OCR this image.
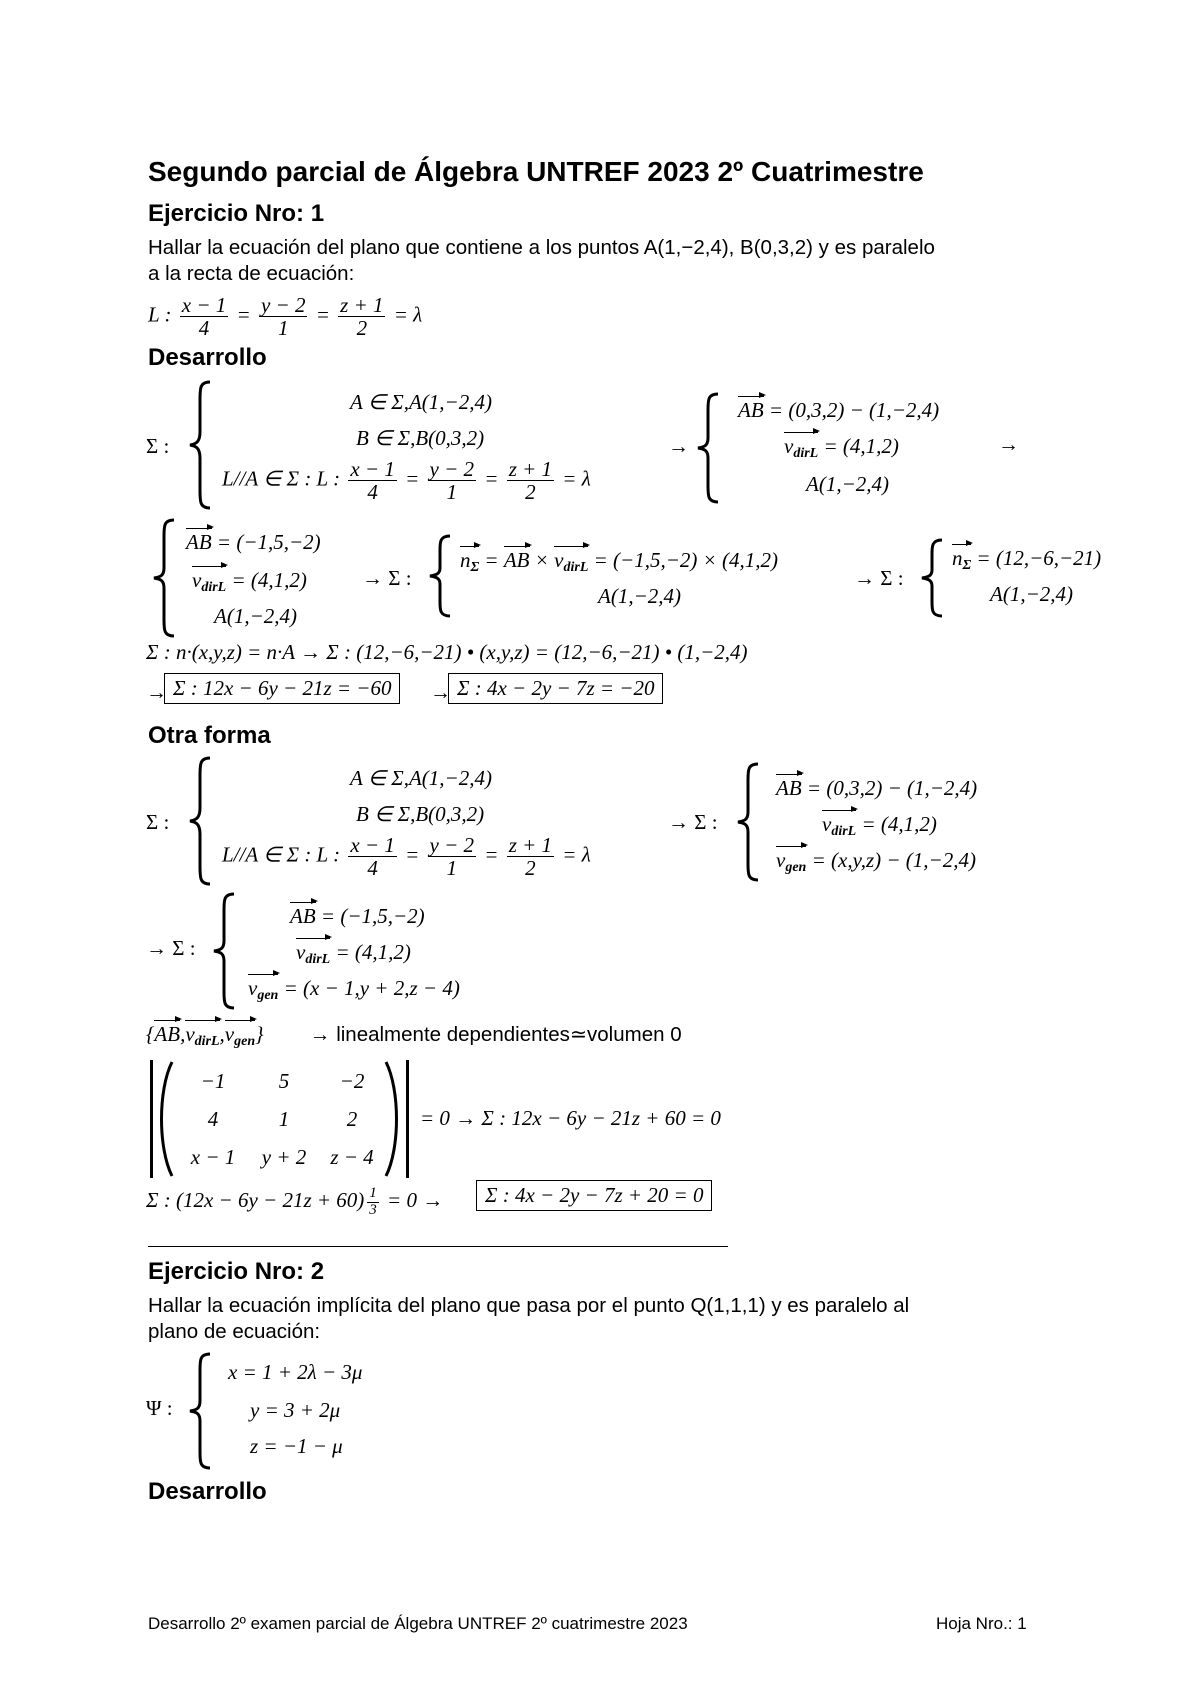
Segundo parcial de Álgebra UNTREF 2023 2º Cuatrimestre
Ejercicio Nro: 1
Hallar la ecuación del plano que contiene a los puntos A(1,−2,4), B(0,3,2) y es paralelo
a la recta de ecuación:
L : $\frac{x - 1}{4} = \frac{y - 2}{1} = \frac{z + 1}{2} = \lambda$
Desarrollo
Σ :
A ∈ Σ,A(1,−2,4)
B ∈ Σ,B(0,3,2)
L//A ∈ Σ : L : $\frac{x - 1}{4} = \frac{y - 2}{1} = \frac{z + 1}{2} = \lambda$
→
AB = (0,3,2) − (1,−2,4)
$v_{dirL} = (4,1,2)$
A(1,−2,4)
→
AB = (−1,5,−2)
$v_{dirL} = (4,1,2)$
A(1,−2,4)
→ Σ :
$n_\Sigma$ = AB × $v_{dirL} = (-1,5,-2) \times (4,1,2)$
A(1,−2,4)
→ Σ :
$n_\Sigma = (12,-6,-21)$
A(1,−2,4)
Σ : n·(x,y,z) = n·A → Σ : (12,−6,−21) • (x,y,z) = (12,−6,−21) • (1,−2,4)
→ Σ : 12x − 6y − 21z = −60	→ Σ : 4x − 2y − 7z = −20
Otra forma
Σ :
A ∈ Σ,A(1,−2,4)
B ∈ Σ,B(0,3,2)
L//A ∈ Σ : L : $\frac{x - 1}{4} = \frac{y - 2}{1} = \frac{z + 1}{2} = \lambda$
→ Σ :
AB = (0,3,2) − (1,−2,4)
$v_{dirL} = (4,1,2)$
$v_{gen} = (x,y,z) - (1,-2,4)$
→ Σ :
AB = (−1,5,−2)
$v_{dirL} = (4,1,2)$
$v_{gen} = (x - 1,y + 2,z - 4)$
$\{AB,v_{dirL},v_{gen}\}$ → linealmente dependientes≃volumen 0
−1	5	−2
4	1	2
x − 1	y + 2	z − 4
= 0 → Σ : 12x − 6y − 21z + 60 = 0
Σ : $(12x - 6y - 21z + 60) \frac{1}{3} = 0$ →	Σ : 4x − 2y − 7z + 20 = 0
Ejercicio Nro: 2
Hallar la ecuación implícita del plano que pasa por el punto Q(1,1,1) y es paralelo al
plano de ecuación:
Ψ :
x = 1 + 2λ − 3μ
y = 3 + 2μ
z = −1 − μ
Desarrollo
Desarrollo 2º examen parcial de Álgebra UNTREF 2º cuatrimestre 2023	Hoja Nro.: 1
